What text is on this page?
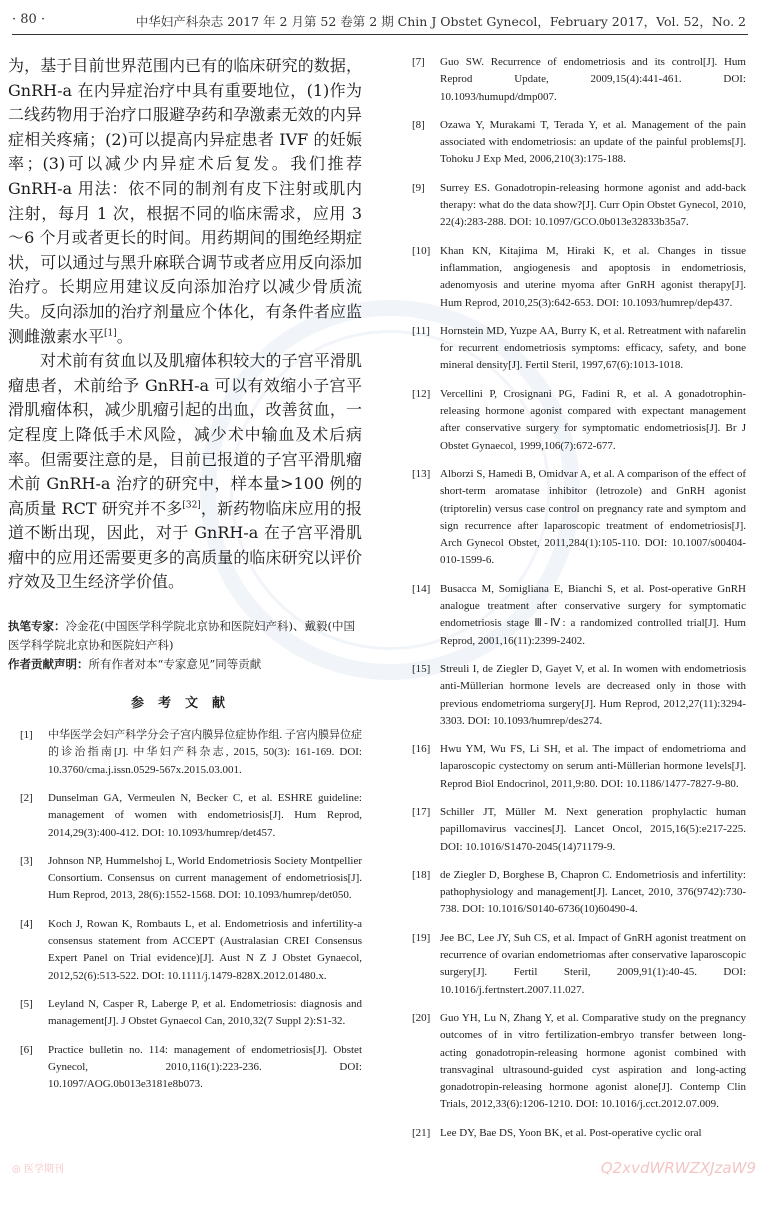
· 80 ·	中华妇产科杂志 2017 年 2 月第 52 卷第 2 期 Chin J Obstet Gynecol，February 2017，Vol. 52，No. 2

为，基于目前世界范围内已有的临床研究的数据，GnRH-a 在内异症治疗中具有重要地位，(1)作为二线药物用于治疗口服避孕药和孕激素无效的内异症相关疼痛；(2)可以提高内异症患者 IVF 的妊娠率；(3)可以减少内异症术后复发。我们推荐 GnRH-a 用法：依不同的制剂有皮下注射或肌内注射，每月 1 次，根据不同的临床需求，应用 3～6 个月或者更长的时间。用药期间的围绝经期症状，可以通过与黑升麻联合调节或者应用反向添加治疗。长期应用建议反向添加治疗以减少骨质流失。反向添加的治疗剂量应个体化，有条件者应监测雌激素水平[1]。

对术前有贫血以及肌瘤体积较大的子宫平滑肌瘤患者，术前给予 GnRH-a 可以有效缩小子宫平滑肌瘤体积，减少肌瘤引起的出血，改善贫血，一定程度上降低手术风险，减少术中输血及术后病率。但需要注意的是，目前已报道的子宫平滑肌瘤术前 GnRH-a 治疗的研究中，样本量>100 例的高质量 RCT 研究并不多[32]，新药物临床应用的报道不断出现，因此，对于 GnRH-a 在子宫平滑肌瘤中的应用还需要更多的高质量的临床研究以评价疗效及卫生经济学价值。

执笔专家：冷金花(中国医学科学院北京协和医院妇产科)、戴毅(中国医学科学院北京协和医院妇产科)
作者贡献声明：所有作者对本“专家意见”同等贡献
参考文献
[1]	中华医学会妇产科学分会子宫内膜异位症协作组. 子宫内膜异位症的诊治指南[J]. 中华妇产科杂志, 2015, 50(3): 161-169. DOI: 10.3760/cma.j.issn.0529-567x.2015.03.001.
[2]	Dunselman GA, Vermeulen N, Becker C, et al. ESHRE guideline: management of women with endometriosis[J]. Hum Reprod, 2014,29(3):400-412. DOI: 10.1093/humrep/det457.
[3]	Johnson NP, Hummelshoj L, World Endometriosis Society Montpellier Consortium. Consensus on current management of endometriosis[J]. Hum Reprod, 2013, 28(6):1552-1568. DOI: 10.1093/humrep/det050.
[4]	Koch J, Rowan K, Rombauts L, et al. Endometriosis and infertility-a consensus statement from ACCEPT (Australasian CREI Consensus Expert Panel on Trial evidence)[J]. Aust N Z J Obstet Gynaecol, 2012,52(6):513-522. DOI: 10.1111/j.1479-828X.2012.01480.x.
[5]	Leyland N, Casper R, Laberge P, et al. Endometriosis: diagnosis and management[J]. J Obstet Gynaecol Can, 2010,32(7 Suppl 2):S1-32.
[6]	Practice bulletin no. 114: management of endometriosis[J]. Obstet Gynecol, 2010,116(1):223-236. DOI: 10.1097/AOG.0b013e3181e8b073.
[7]	Guo SW. Recurrence of endometriosis and its control[J]. Hum Reprod Update, 2009,15(4):441-461. DOI: 10.1093/humupd/dmp007.
[8]	Ozawa Y, Murakami T, Terada Y, et al. Management of the pain associated with endometriosis: an update of the painful problems[J]. Tohoku J Exp Med, 2006,210(3):175-188.
[9]	Surrey ES. Gonadotropin-releasing hormone agonist and add-back therapy: what do the data show?[J]. Curr Opin Obstet Gynecol, 2010, 22(4):283-288. DOI: 10.1097/GCO.0b013e32833b35a7.
[10] Khan KN, Kitajima M, Hiraki K, et al. Changes in tissue inflammation, angiogenesis and apoptosis in endometriosis, adenomyosis and uterine myoma after GnRH agonist therapy[J]. Hum Reprod, 2010,25(3):642-653. DOI: 10.1093/humrep/dep437.
[11] Hornstein MD, Yuzpe AA, Burry K, et al. Retreatment with nafarelin for recurrent endometriosis symptoms: efficacy, safety, and bone mineral density[J]. Fertil Steril, 1997,67(6):1013-1018.
[12] Vercellini P, Crosignani PG, Fadini R, et al. A gonadotrophin-releasing hormone agonist compared with expectant management after conservative surgery for symptomatic endometriosis[J]. Br J Obstet Gynaecol, 1999,106(7):672-677.
[13] Alborzi S, Hamedi B, Omidvar A, et al. A comparison of the effect of short-term aromatase inhibitor (letrozole) and GnRH agonist (triptorelin) versus case control on pregnancy rate and symptom and sign recurrence after laparoscopic treatment of endometriosis[J]. Arch Gynecol Obstet, 2011,284(1):105-110. DOI: 10.1007/s00404-010-1599-6.
[14] Busacca M, Somigliana E, Bianchi S, et al. Post-operative GnRH analogue treatment after conservative surgery for symptomatic endometriosis stage Ⅲ-Ⅳ: a randomized controlled trial[J]. Hum Reprod, 2001,16(11):2399-2402.
[15] Streuli I, de Ziegler D, Gayet V, et al. In women with endometriosis anti-Müllerian hormone levels are decreased only in those with previous endometrioma surgery[J]. Hum Reprod, 2012,27(11):3294-3303. DOI: 10.1093/humrep/des274.
[16] Hwu YM, Wu FS, Li SH, et al. The impact of endometrioma and laparoscopic cystectomy on serum anti-Müllerian hormone levels[J]. Reprod Biol Endocrinol, 2011,9:80. DOI: 10.1186/1477-7827-9-80.
[17] Schiller JT, Müller M. Next generation prophylactic human papillomavirus vaccines[J]. Lancet Oncol, 2015,16(5):e217-225. DOI: 10.1016/S1470-2045(14)71179-9.
[18] de Ziegler D, Borghese B, Chapron C. Endometriosis and infertility: pathophysiology and management[J]. Lancet, 2010, 376(9742):730-738. DOI: 10.1016/S0140-6736(10)60490-4.
[19] Jee BC, Lee JY, Suh CS, et al. Impact of GnRH agonist treatment on recurrence of ovarian endometriomas after conservative laparoscopic surgery[J]. Fertil Steril, 2009,91(1):40-45. DOI: 10.1016/j.fertnstert.2007.11.027.
[20] Guo YH, Lu N, Zhang Y, et al. Comparative study on the pregnancy outcomes of in vitro fertilization-embryo transfer between long-acting gonadotropin-releasing hormone agonist combined with transvaginal ultrasound-guided cyst aspiration and long-acting gonadotropin-releasing hormone agonist alone[J]. Contemp Clin Trials, 2012,33(6):1206-1210. DOI: 10.1016/j.cct.2012.07.009.
[21] Lee DY, Bae DS, Yoon BK, et al. Post-operative cyclic oral
◎ 医学期刊	Q2xvdWRWZXJzaW9
